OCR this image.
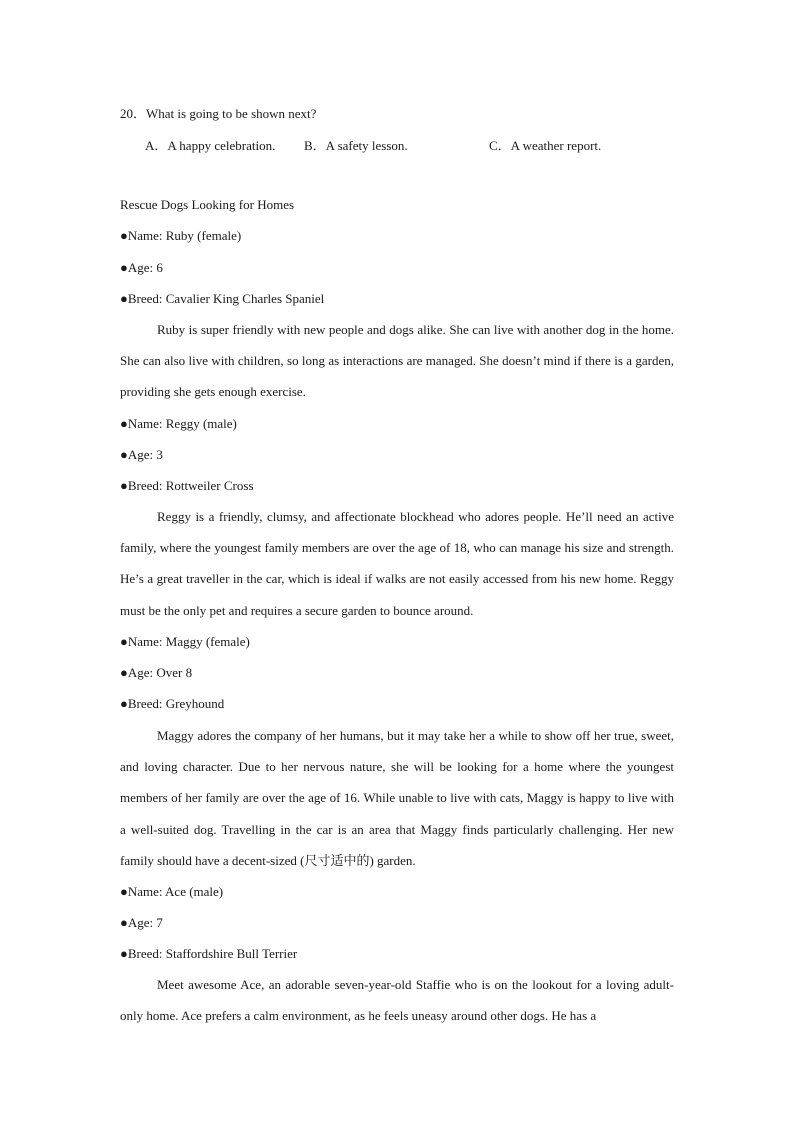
20．What is going to be shown next?
A．A happy celebration. B．A safety lesson.	C．A weather report.
Rescue Dogs Looking for Homes
●Name: Ruby (female)
●Age: 6
●Breed: Cavalier King Charles Spaniel
Ruby is super friendly with new people and dogs alike. She can live with another dog in the home. She can also live with children, so long as interactions are managed. She doesn’t mind if there is a garden, providing she gets enough exercise.
●Name: Reggy (male)
●Age: 3
●Breed: Rottweiler Cross
Reggy is a friendly, clumsy, and affectionate blockhead who adores people. He’ll need an active family, where the youngest family members are over the age of 18, who can manage his size and strength. He’s a great traveller in the car, which is ideal if walks are not easily accessed from his new home. Reggy must be the only pet and requires a secure garden to bounce around.
●Name: Maggy (female)
●Age: Over 8
●Breed: Greyhound
Maggy adores the company of her humans, but it may take her a while to show off her true, sweet, and loving character. Due to her nervous nature, she will be looking for a home where the youngest members of her family are over the age of 16. While unable to live with cats, Maggy is happy to live with a well-suited dog. Travelling in the car is an area that Maggy finds particularly challenging. Her new family should have a decent-sized (尺寸适中的) garden.
●Name: Ace (male)
●Age: 7
●Breed: Staffordshire Bull Terrier
Meet awesome Ace, an adorable seven-year-old Staffie who is on the lookout for a loving adult-only home. Ace prefers a calm environment, as he feels uneasy around other dogs. He has a
